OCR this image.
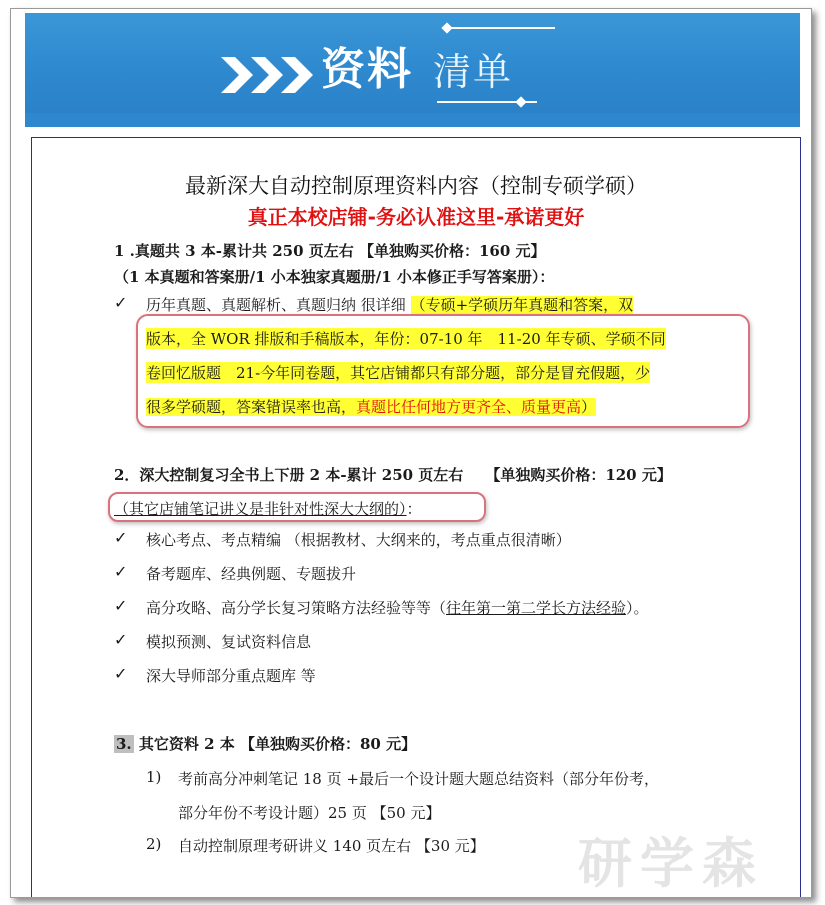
资料 清单
最新深大自动控制原理资料内容（控制专硕学硕）
真正本校店铺-务必认准这里-承诺更好
1 .真题共 3 本-累计共 250 页左右 【单独购买价格：160 元】
（1 本真题和答案册/1 小本独家真题册/1 小本修正手写答案册）：
✓ 历年真题、真题解析、真题归纳 很详细 （专硕+学硕历年真题和答案，双
版本，全 WOR 排版和手稿版本，年份：07-10 年　11-20 年专硕、学硕不同
卷回忆版题　21-今年同卷题，其它店铺都只有部分题，部分是冒充假题，少
很多学硕题，答案错误率也高，真题比任何地方更齐全、质量更高）
2．深大控制复习全书上下册 2 本-累计 250 页左右 【单独购买价格：120 元】
（其它店铺笔记讲义是非针对性深大大纲的）：
✓ 核心考点、考点精编 （根据教材、大纲来的，考点重点很清晰）
✓ 备考题库、经典例题、专题拔升
✓ 高分攻略、高分学长复习策略方法经验等等（往年第一第二学长方法经验）。
✓ 模拟预测、复试资料信息
✓ 深大导师部分重点题库 等
3. 其它资料 2 本 【单独购买价格：80 元】
1) 考前高分冲刺笔记 18 页 +最后一个设计题大题总结资料（部分年份考，
部分年份不考设计题）25 页 【50 元】
2) 自动控制原理考研讲义 140 页左右 【30 元】 研学森
